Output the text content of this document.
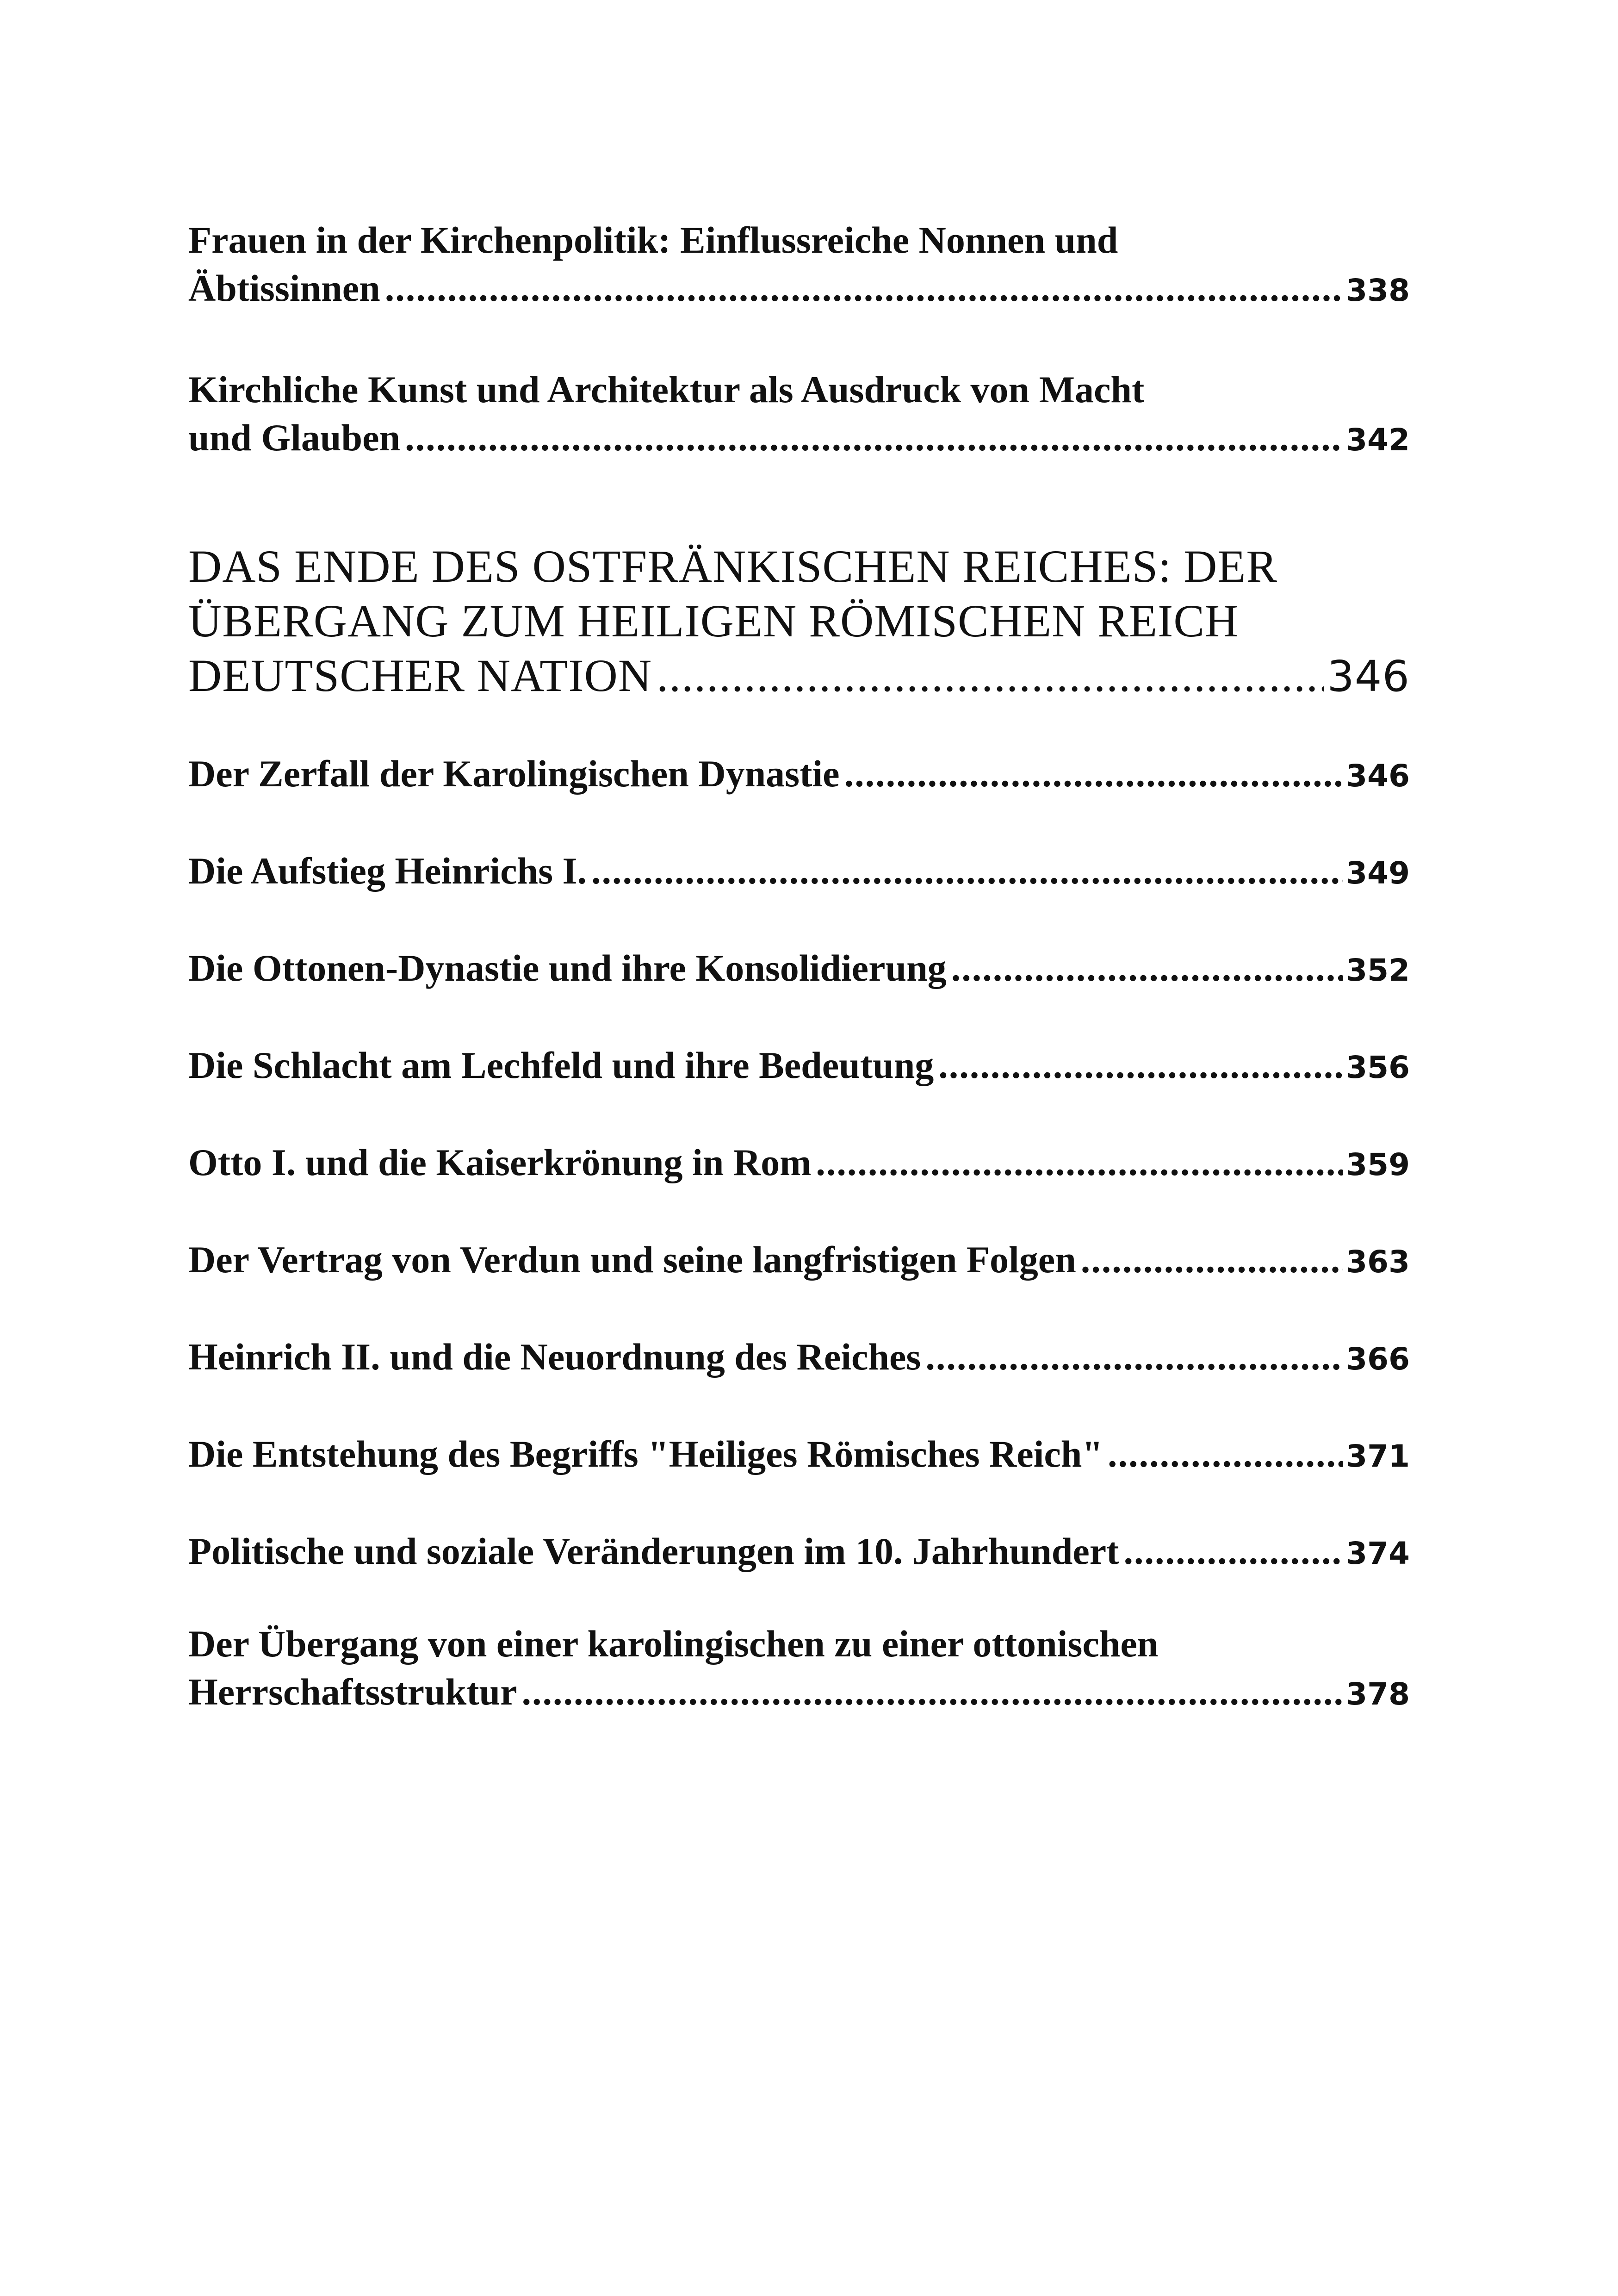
Frauen in der Kirchenpolitik: Einflussreiche Nonnen und
Äbtissinnen .....	338
Kirchliche Kunst und Architektur als Ausdruck von Macht
und Glauben .....	342
DAS ENDE DES OSTFRÄNKISCHEN REICHES: DER
ÜBERGANG ZUM HEILIGEN RÖMISCHEN REICH
DEUTSCHER NATION .....	346
Der Zerfall der Karolingischen Dynastie .....	346
Die Aufstieg Heinrichs I. .....	349
Die Ottonen-Dynastie und ihre Konsolidierung .....	352
Die Schlacht am Lechfeld und ihre Bedeutung .....	356
Otto I. und die Kaiserkrönung in Rom .....	359
Der Vertrag von Verdun und seine langfristigen Folgen .....	363
Heinrich II. und die Neuordnung des Reiches .....	366
Die Entstehung des Begriffs "Heiliges Römisches Reich" .....	371
Politische und soziale Veränderungen im 10. Jahrhundert .....	374
Der Übergang von einer karolingischen zu einer ottonischen
Herrschaftsstruktur .....	378
